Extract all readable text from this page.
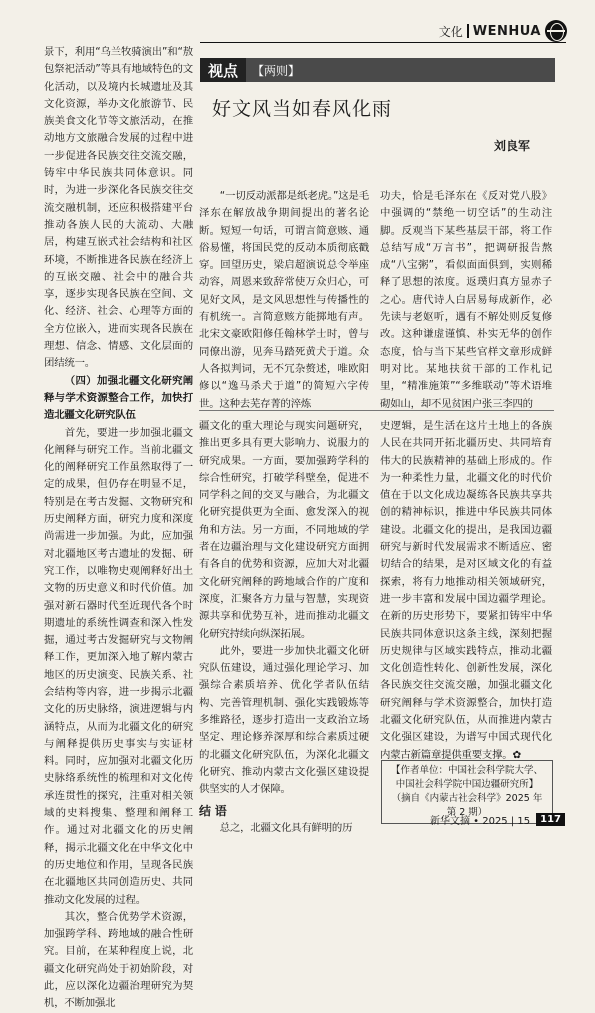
文化 WENHUA

景下，利用“乌兰牧骑演出”和“敖包祭祀活动”等具有地域特色的文化活动，以及境内长城遗址及其文化资源，举办文化旅游节、民族美食文化节等文旅活动，在推动地方文旅融合发展的过程中进一步促进各民族交往交流交融，铸牢中华民族共同体意识。同时，为进一步深化各民族交往交流交融机制，还应积极搭建平台推动各族人民的大流动、大融居，构建互嵌式社会结构和社区环境，不断推进各民族在经济上的互嵌交融、社会中的融合共享，逐步实现各民族在空间、文化、经济、社会、心理等方面的全方位嵌入，进而实现各民族在理想、信念、情感、文化层面的团结统一。

（四）加强北疆文化研究阐释与学术资源整合工作，加快打造北疆文化研究队伍

首先，要进一步加强北疆文化阐释与研究工作。当前北疆文化的阐释研究工作虽然取得了一定的成果，但仍存在明显不足，特别是在考古发掘、文物研究和历史阐释方面，研究力度和深度尚需进一步加强。为此，应加强对北疆地区考古遗址的发掘、研究工作，以唯物史观阐释好出土文物的历史意义和时代价值。加强对新石器时代至近现代各个时期遗址的系统性调查和深入性发掘，通过考古发掘研究与文物阐释工作，更加深入地了解内蒙古地区的历史演变、民族关系、社会结构等内容，进一步揭示北疆文化的历史脉络，演进逻辑与内涵特点，从而为北疆文化的研究与阐释提供历史事实与实证材料。同时，应加强对北疆文化历史脉络系统性的梳理和对文化传承连贯性的探究，注重对相关领域的史料搜集、整理和阐释工作。通过对北疆文化的历史阐释，揭示北疆文化在中华文化中的历史地位和作用，呈现各民族在北疆地区共同创造历史、共同推动文化发展的过程。

其次，整合优势学术资源，加强跨学科、跨地域的融合性研究。目前，在某种程度上说，北疆文化研究尚处于初始阶段，对此，应以深化边疆治理研究为契机，不断加强北

视点	【两则】
好文风当如春风化雨
刘良军

“一切反动派都是纸老虎。”这是毛泽东在解放战争期间提出的著名论断。短短一句话，可谓言简意赅、通俗易懂，将国民党的反动本质彻底戳穿。回望历史，梁启超演说总令举座动容，周恩来致辞常使万众归心，可见好文风，是文风思想性与传播性的有机统一。言简意赅方能掷地有声。北宋文豪欧阳修任翰林学士时，曾与同僚出游，见奔马踏死黄犬于道。众人各拟判词，无不冗杂赘述，唯欧阳修以“逸马杀犬于道”的简短六字传世。这种去芜存菁的淬炼

功夫，恰是毛泽东在《反对党八股》中强调的“禁绝一切空话”的生动注脚。反观当下某些基层干部，将工作总结写成“万言书”，把调研报告熬成“八宝粥”，看似面面俱到，实则稀释了思想的浓度。返璞归真方显赤子之心。唐代诗人白居易每成新作，必先读与老妪听，遇有不解处则反复修改。这种谦虚谨慎、朴实无华的创作态度，恰与当下某些官样文章形成鲜明对比。某地扶贫干部的工作札记里，“精准施策”“多维联动”等术语堆砌如山，却不见贫困户张三李四的

疆文化的重大理论与现实问题研究，推出更多具有更大影响力、说服力的研究成果。一方面，要加强跨学科的综合性研究，打破学科壁垒，促进不同学科之间的交叉与融合，为北疆文化研究提供更为全面、愈发深入的视角和方法。另一方面，不同地域的学者在边疆治理与文化建设研究方面拥有各自的优势和资源，应加大对北疆文化研究阐释的跨地域合作的广度和深度，汇聚各方力量与智慧，实现资源共享和优势互补，进而推动北疆文化研究持续向纵深拓展。

此外，要进一步加快北疆文化研究队伍建设，通过强化理论学习、加强综合素质培养、优化学者队伍结构、完善管理机制、强化实践锻炼等多维路径，逐步打造出一支政治立场坚定、理论修养深厚和综合素质过硬的北疆文化研究队伍，为深化北疆文化研究、推动内蒙古文化强区建设提供坚实的人才保障。

结 语

总之，北疆文化具有鲜明的历

史逻辑，是生活在这片土地上的各族人民在共同开拓北疆历史、共同培育伟大的民族精神的基础上形成的。作为一种柔性力量，北疆文化的时代价值在于以文化成边凝练各民族共享共创的精神标识，推进中华民族共同体建设。北疆文化的提出，是我国边疆研究与新时代发展需求不断适应、密切结合的结果，是对区域文化的有益探索，将有力地推动相关领域研究，进一步丰富和发展中国边疆学理论。在新的历史形势下，要紧扣铸牢中华民族共同体意识这条主线，深刻把握历史规律与区域实践特点，推动北疆文化创造性转化、创新性发展，深化各民族交往交流交融，加强北疆文化研究阐释与学术资源整合，加快打造北疆文化研究队伍，从而推进内蒙古文化强区建设，为谱写中国式现代化内蒙古新篇章提供重要支撑。✿

【作者单位：中国社会科学院大学、
中国社会科学院中国边疆研究所】
（摘自《内蒙古社会科学》2025 年
第 2 期）
新华文摘 • 2025 | 15	117
